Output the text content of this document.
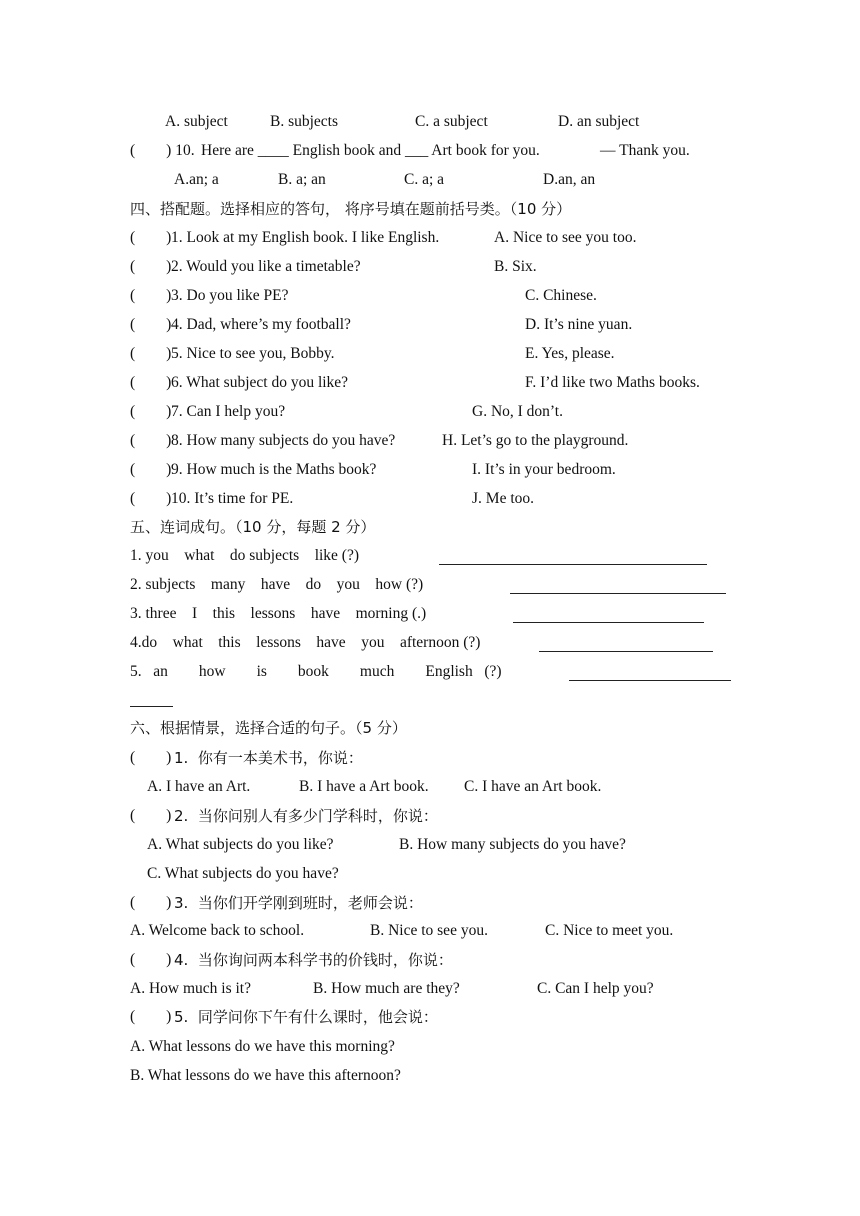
A. subject	B. subjects	C. a subject	D. an subject
(        ) 10. Here are ____ English book and ___ Art book for you.	— Thank you.
A.an; a	B. a; an	C. a; a	D.an, an
四、搭配题。选择相应的答句， 将序号填在题前括号类。（10 分）
(        ) 1. Look at my English book. I like English.	A. Nice to see you too.
(        ) 2. Would you like a timetable?	B. Six.
(        ) 3. Do you like PE?	C. Chinese.
(        ) 4. Dad, where’s my football?	D. It’s nine yuan.
(        ) 5. Nice to see you, Bobby.	E. Yes, please.
(        ) 6. What subject do you like?	F. I’d like two Maths books.
(        ) 7. Can I help you?	G. No, I don’t.
(        ) 8. How many subjects do you have?	H. Let’s go to the playground.
(        ) 9. How much is the Maths book?	I. It’s in your bedroom.
(        ) 10. It’s time for PE.	J. Me too.
五、连词成句。（10 分，每题 2 分）
1. you    what    do subjects    like (?)
2. subjects    many    have    do    you    how (?)
3. three    I    this    lessons    have    morning (.)
4.do    what    this    lessons    have    you    afternoon (?)
5.   an        how        is        book        much        English   (?)
六、根据情景，选择合适的句子。（5 分）
(        ) 1.  你有一本美术书，你说：
A. I have an Art.	B. I have a Art book. C. I have an Art book.
(        ) 2.  当你问别人有多少门学科时，你说：
A. What subjects do you like?	B. How many subjects do you have?
C. What subjects do you have?
(        ) 3.  当你们开学刚到班时，老师会说：
A. Welcome back to school.	B. Nice to see you.	C. Nice to meet you.
(        ) 4.  当你询问两本科学书的价钱时，你说：
A. How much is it?	B. How much are they?	C. Can I help you?
(        ) 5.  同学问你下午有什么课时，他会说：
A. What lessons do we have this morning?
B. What lessons do we have this afternoon?
